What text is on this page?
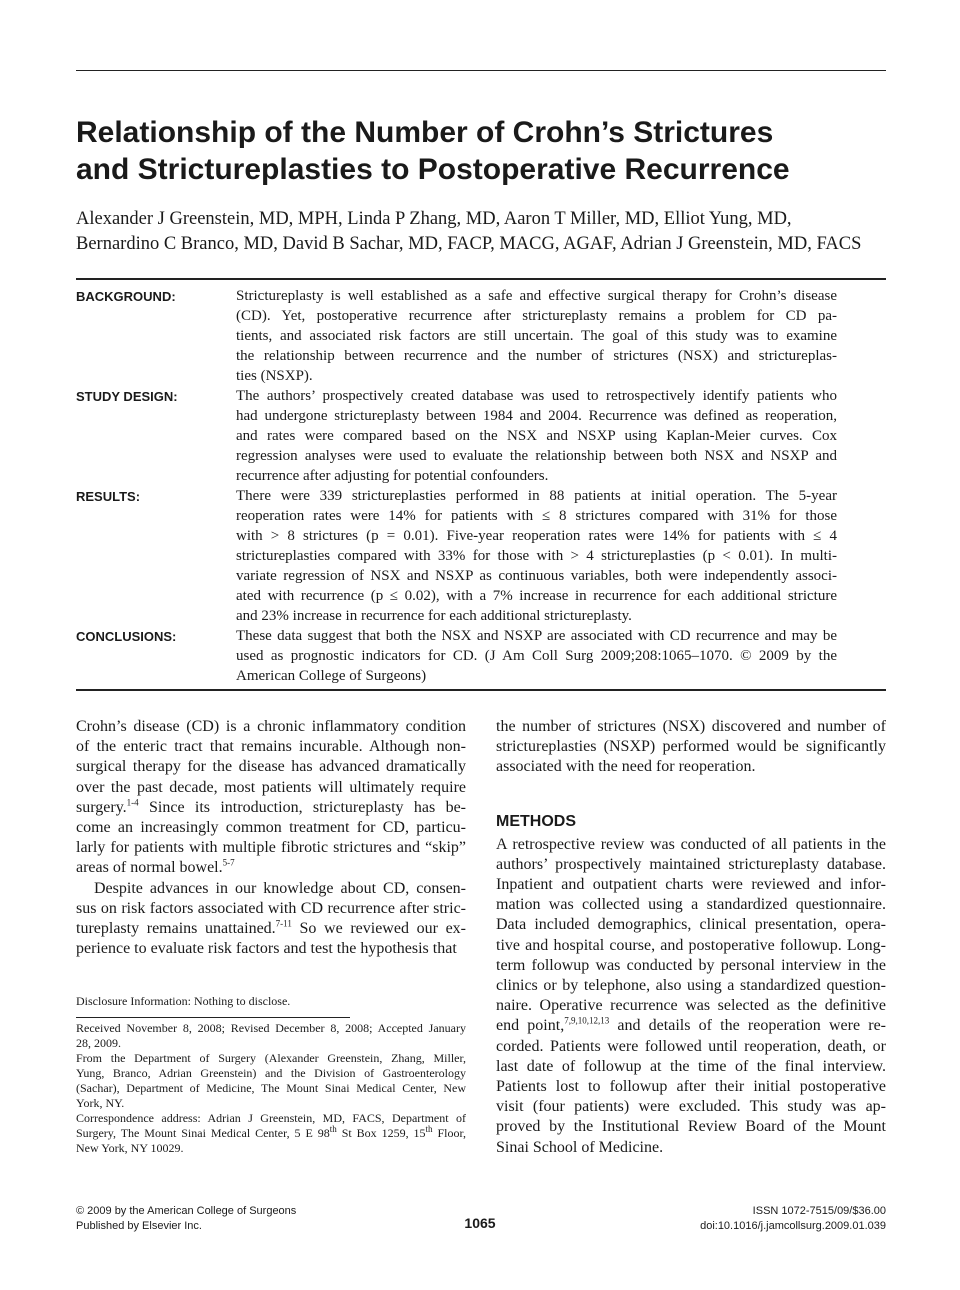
Relationship of the Number of Crohn’s Strictures
and Strictureplasties to Postoperative Recurrence
Alexander J Greenstein, MD, MPH, Linda P Zhang, MD, Aaron T Miller, MD, Elliot Yung, MD,
Bernardino C Branco, MD, David B Sachar, MD, FACP, MACG, AGAF, Adrian J Greenstein, MD, FACS
BACKGROUND:	Strictureplasty is well established as a safe and effective surgical therapy for Crohn’s disease
(CD). Yet, postoperative recurrence after strictureplasty remains a problem for CD pa-
tients, and associated risk factors are still uncertain. The goal of this study was to examine
the relationship between recurrence and the number of strictures (NSX) and strictureplas-
ties (NSXP).
STUDY DESIGN:	The authors’ prospectively created database was used to retrospectively identify patients who
had undergone strictureplasty between 1984 and 2004. Recurrence was defined as reoperation,
and rates were compared based on the NSX and NSXP using Kaplan-Meier curves. Cox
regression analyses were used to evaluate the relationship between both NSX and NSXP and
recurrence after adjusting for potential confounders.
RESULTS:	There were 339 strictureplasties performed in 88 patients at initial operation. The 5-year
reoperation rates were 14% for patients with ≤ 8 strictures compared with 31% for those
with > 8 strictures (p = 0.01). Five-year reoperation rates were 14% for patients with ≤ 4
strictureplasties compared with 33% for those with > 4 strictureplasties (p < 0.01). In multi-
variate regression of NSX and NSXP as continuous variables, both were independently associ-
ated with recurrence (p ≤ 0.02), with a 7% increase in recurrence for each additional stricture
and 23% increase in recurrence for each additional strictureplasty.
CONCLUSIONS:	These data suggest that both the NSX and NSXP are associated with CD recurrence and may be
used as prognostic indicators for CD. (J Am Coll Surg 2009;208:1065–1070. © 2009 by the
American College of Surgeons)
Crohn’s disease (CD) is a chronic inflammatory condition
of the enteric tract that remains incurable. Although non-
surgical therapy for the disease has advanced dramatically
over the past decade, most patients will ultimately require
surgery.$^{1-4}$ Since its introduction, strictureplasty has be-
come an increasingly common treatment for CD, particu-
larly for patients with multiple fibrotic strictures and “skip”
areas of normal bowel.$^{5-7}$
Despite advances in our knowledge about CD, consen-
sus on risk factors associated with CD recurrence after stric-
tureplasty remains unattained.$^{7-11}$ So we reviewed our ex-
perience to evaluate risk factors and test the hypothesis that
the number of strictures (NSX) discovered and number of
strictureplasties (NSXP) performed would be significantly
associated with the need for reoperation.
METHODS
A retrospective review was conducted of all patients in the
authors’ prospectively maintained strictureplasty database.
Inpatient and outpatient charts were reviewed and infor-
mation was collected using a standardized questionnaire.
Data included demographics, clinical presentation, opera-
tive and hospital course, and postoperative followup. Long-
term followup was conducted by personal interview in the
clinics or by telephone, also using a standardized question-
naire. Operative recurrence was selected as the definitive
end point,$^{7,9,10,12,13}$ and details of the reoperation were re-
corded. Patients were followed until reoperation, death, or
last date of followup at the time of the final interview.
Patients lost to followup after their initial postoperative
visit (four patients) were excluded. This study was ap-
proved by the Institutional Review Board of the Mount
Sinai School of Medicine.
Disclosure Information: Nothing to disclose.
Received November 8, 2008; Revised December 8, 2008; Accepted January
28, 2009.
From the Department of Surgery (Alexander Greenstein, Zhang, Miller,
Yung, Branco, Adrian Greenstein) and the Division of Gastroenterology
(Sachar), Department of Medicine, The Mount Sinai Medical Center, New
York, NY.
Correspondence address: Adrian J Greenstein, MD, FACS, Department of
Surgery, The Mount Sinai Medical Center, 5 E 98th St Box 1259, 15th Floor,
New York, NY 10029.
© 2009 by the American College of Surgeons
Published by Elsevier Inc.	1065
ISSN 1072-7515/09/$36.00
doi:10.1016/j.jamcollsurg.2009.01.039
